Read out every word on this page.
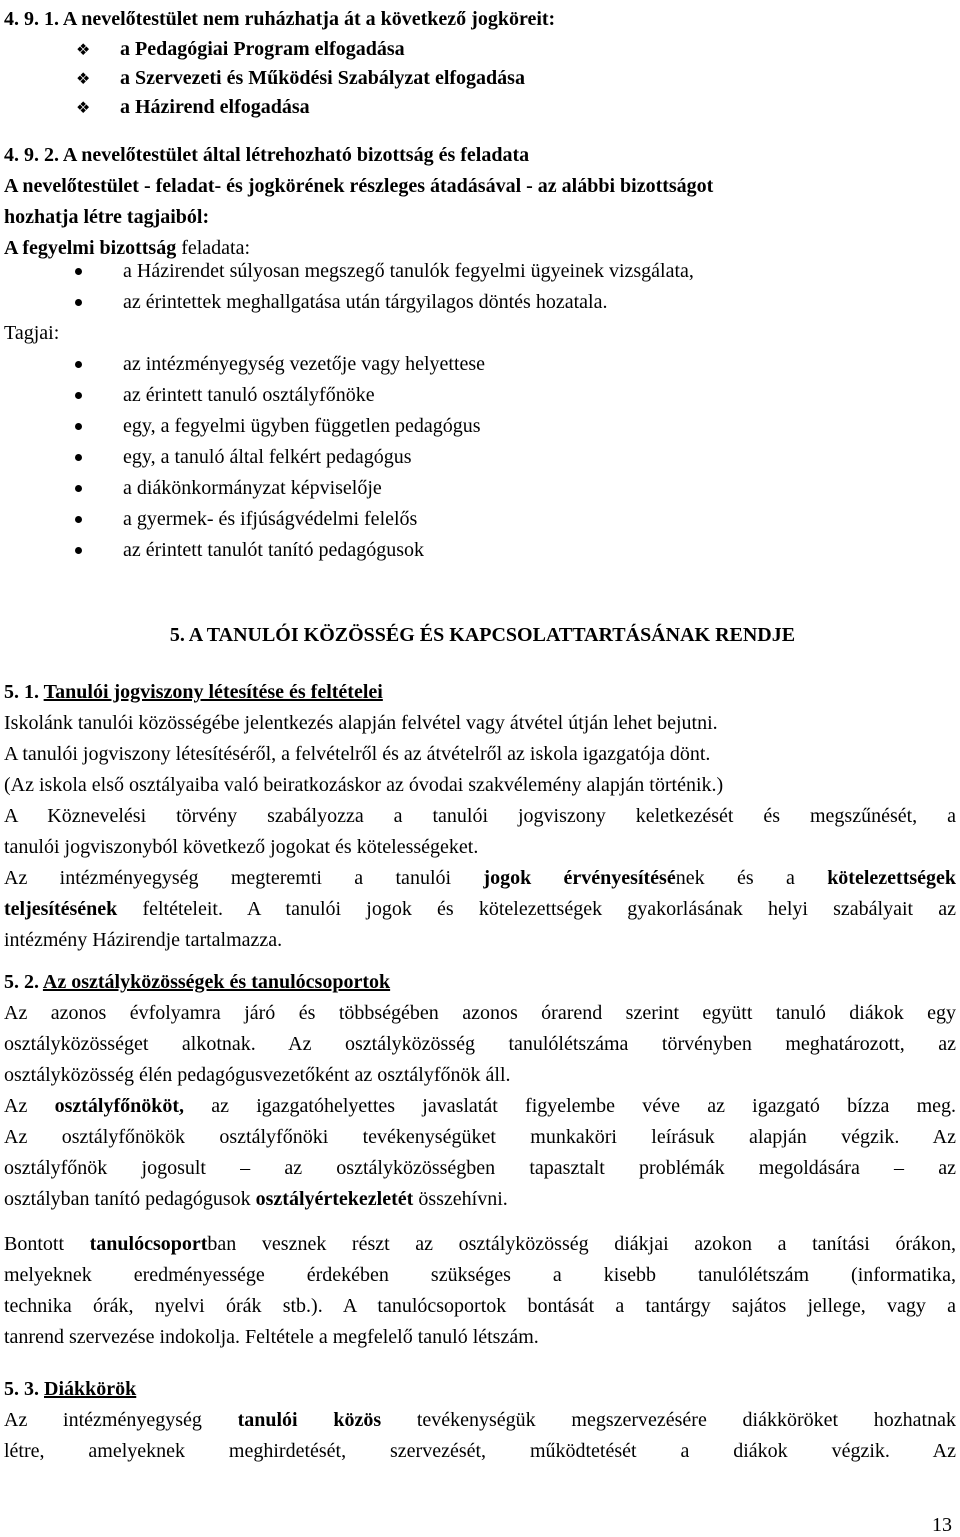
4. 9. 1. A nevelőtestület nem ruházhatja át a következő jogköreit:
❖ a Pedagógiai Program elfogadása
❖ a Szervezeti és Működési Szabályzat elfogadása
❖ a Házirend elfogadása
4. 9. 2. A nevelőtestület által létrehozható bizottság és feladata
A nevelőtestület - feladat- és jogkörének részleges átadásával - az alábbi bizottságot
hozhatja létre tagjaiból:
A fegyelmi bizottság feladata:
a Házirendet súlyosan megszegő tanulók fegyelmi ügyeinek vizsgálata,
az érintettek meghallgatása után tárgyilagos döntés hozatala.
Tagjai:
az intézményegység vezetője vagy helyettese
az érintett tanuló osztályfőnöke
egy, a fegyelmi ügyben független pedagógus
egy, a tanuló által felkért pedagógus
a diákönkormányzat képviselője
a gyermek- és ifjúságvédelmi felelős
az érintett tanulót tanító pedagógusok
5. A TANULÓI KÖZÖSSÉG ÉS KAPCSOLATTARTÁSÁNAK RENDJE
5. 1. Tanulói jogviszony létesítése és feltételei
Iskolánk tanulói közösségébe jelentkezés alapján felvétel vagy átvétel útján lehet bejutni.
A tanulói jogviszony létesítéséről, a felvételről és az átvételről az iskola igazgatója dönt.
(Az iskola első osztályaiba való beiratkozáskor az óvodai szakvélemény alapján történik.)
A Köznevelési törvény szabályozza a tanulói jogviszony keletkezését és megszűnését, a
tanulói jogviszonyból következő jogokat és kötelességeket.
Az intézményegység megteremti a tanulói jogok érvényesítésének és a kötelezettségek
teljesítésének feltételeit. A tanulói jogok és kötelezettségek gyakorlásának helyi szabályait az
intézmény Házirendje tartalmazza.
5. 2. Az osztályközösségek és tanulócsoportok
Az azonos évfolyamra járó és többségében azonos órarend szerint együtt tanuló diákok egy
osztályközösséget alkotnak. Az osztályközösség tanulólétszáma törvényben meghatározott, az
osztályközösség élén pedagógusvezetőként az osztályfőnök áll.
Az osztályfőnököt, az igazgatóhelyettes javaslatát figyelembe véve az igazgató bízza meg.
Az osztályfőnökök osztályfőnöki tevékenységüket munkaköri leírásuk alapján végzik. Az
osztályfőnök jogosult – az osztályközösségben tapasztalt problémák megoldására – az
osztályban tanító pedagógusok osztályértekezletét összehívni.
Bontott tanulócsoportban vesznek részt az osztályközösség diákjai azokon a tanítási órákon,
melyeknek eredményessége érdekében szükséges a kisebb tanulólétszám (informatika,
technika órák, nyelvi órák stb.). A tanulócsoportok bontását a tantárgy sajátos jellege, vagy a
tanrend szervezése indokolja. Feltétele a megfelelő tanuló létszám.
5. 3. Diákkörök
Az intézményegység tanulói közös tevékenységük megszervezésére diákköröket hozhatnak
létre, amelyeknek meghirdetését, szervezését, működtetését a diákok végzik. Az
13
